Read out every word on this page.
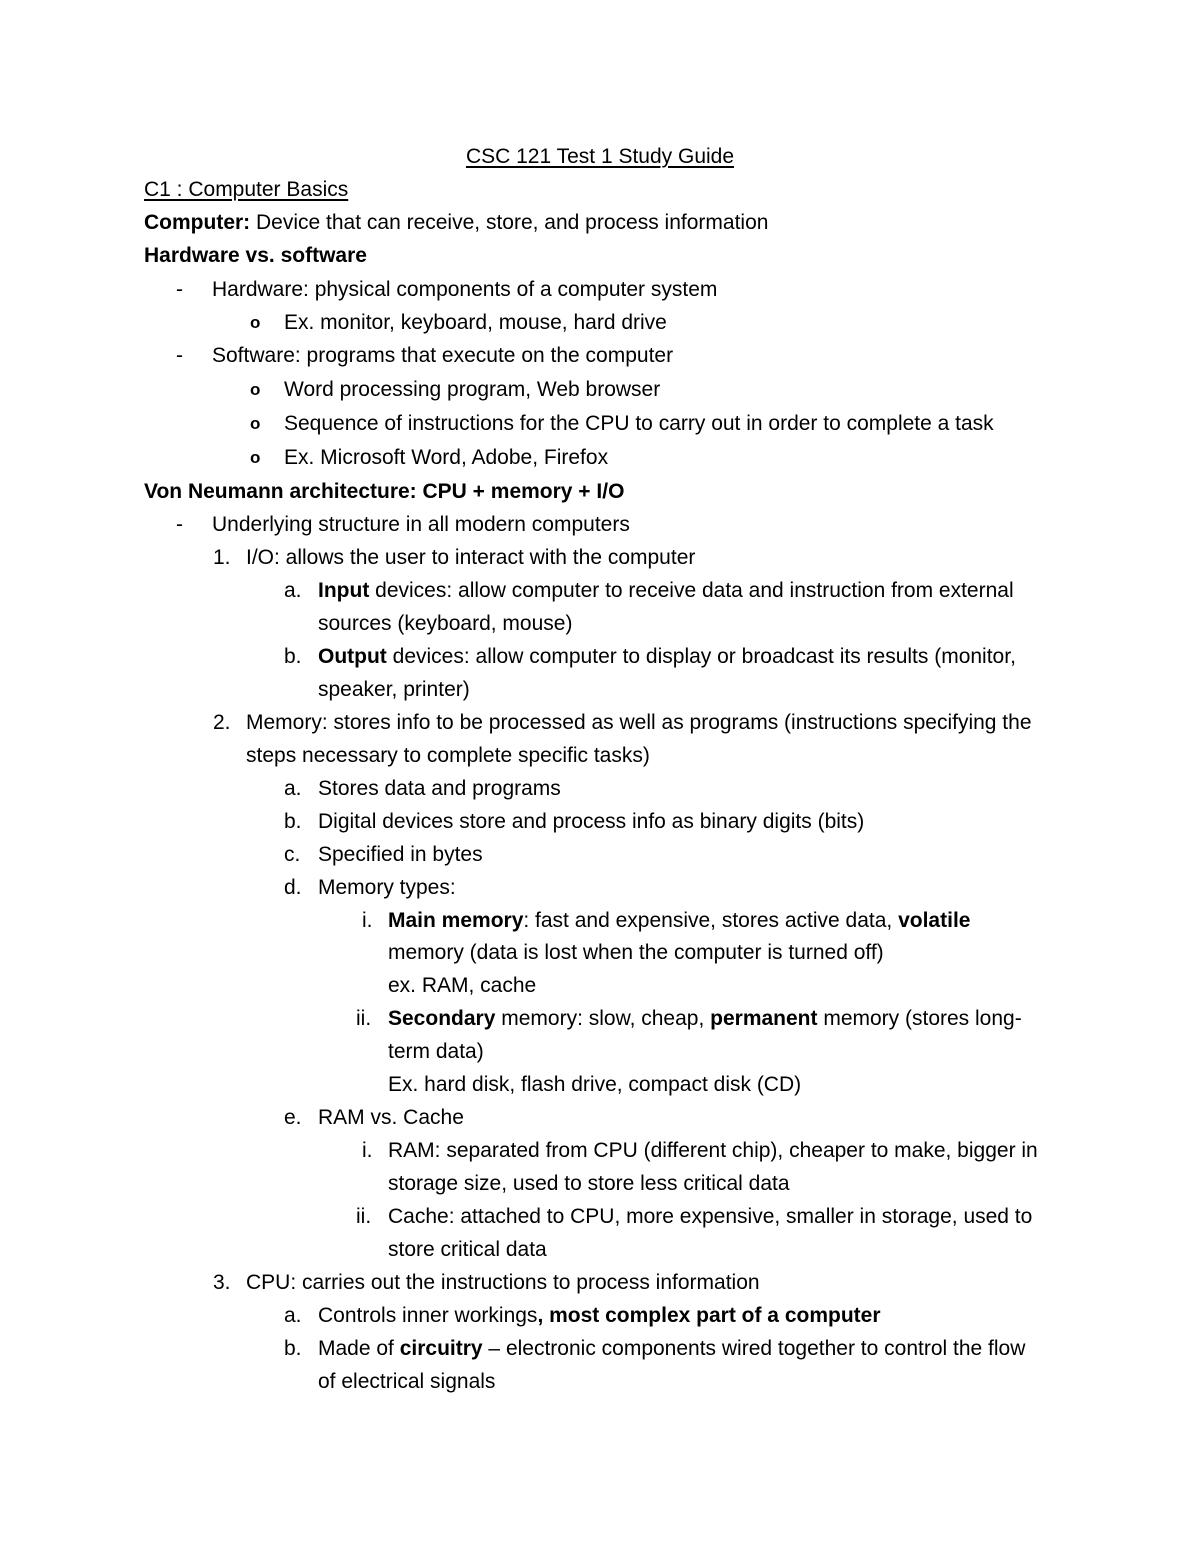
CSC 121 Test 1 Study Guide
C1 : Computer Basics
Computer: Device that can receive, store, and process information
Hardware vs. software
- Hardware: physical components of a computer system
o Ex. monitor, keyboard, mouse, hard drive
- Software: programs that execute on the computer
o Word processing program, Web browser
o Sequence of instructions for the CPU to carry out in order to complete a task
o Ex. Microsoft Word, Adobe, Firefox
Von Neumann architecture: CPU + memory + I/O
- Underlying structure in all modern computers
1. I/O: allows the user to interact with the computer
a. Input devices: allow computer to receive data and instruction from external
sources (keyboard, mouse)
b. Output devices: allow computer to display or broadcast its results (monitor,
speaker, printer)
2. Memory: stores info to be processed as well as programs (instructions specifying the
steps necessary to complete specific tasks)
a. Stores data and programs
b. Digital devices store and process info as binary digits (bits)
c. Specified in bytes
d. Memory types:
i. Main memory: fast and expensive, stores active data, volatile
memory (data is lost when the computer is turned off)
ex. RAM, cache
ii. Secondary memory: slow, cheap, permanent memory (stores long-
term data)
Ex. hard disk, flash drive, compact disk (CD)
e. RAM vs. Cache
i. RAM: separated from CPU (different chip), cheaper to make, bigger in
storage size, used to store less critical data
ii. Cache: attached to CPU, more expensive, smaller in storage, used to
store critical data
3. CPU: carries out the instructions to process information
a. Controls inner workings, most complex part of a computer
b. Made of circuitry – electronic components wired together to control the flow
of electrical signals
